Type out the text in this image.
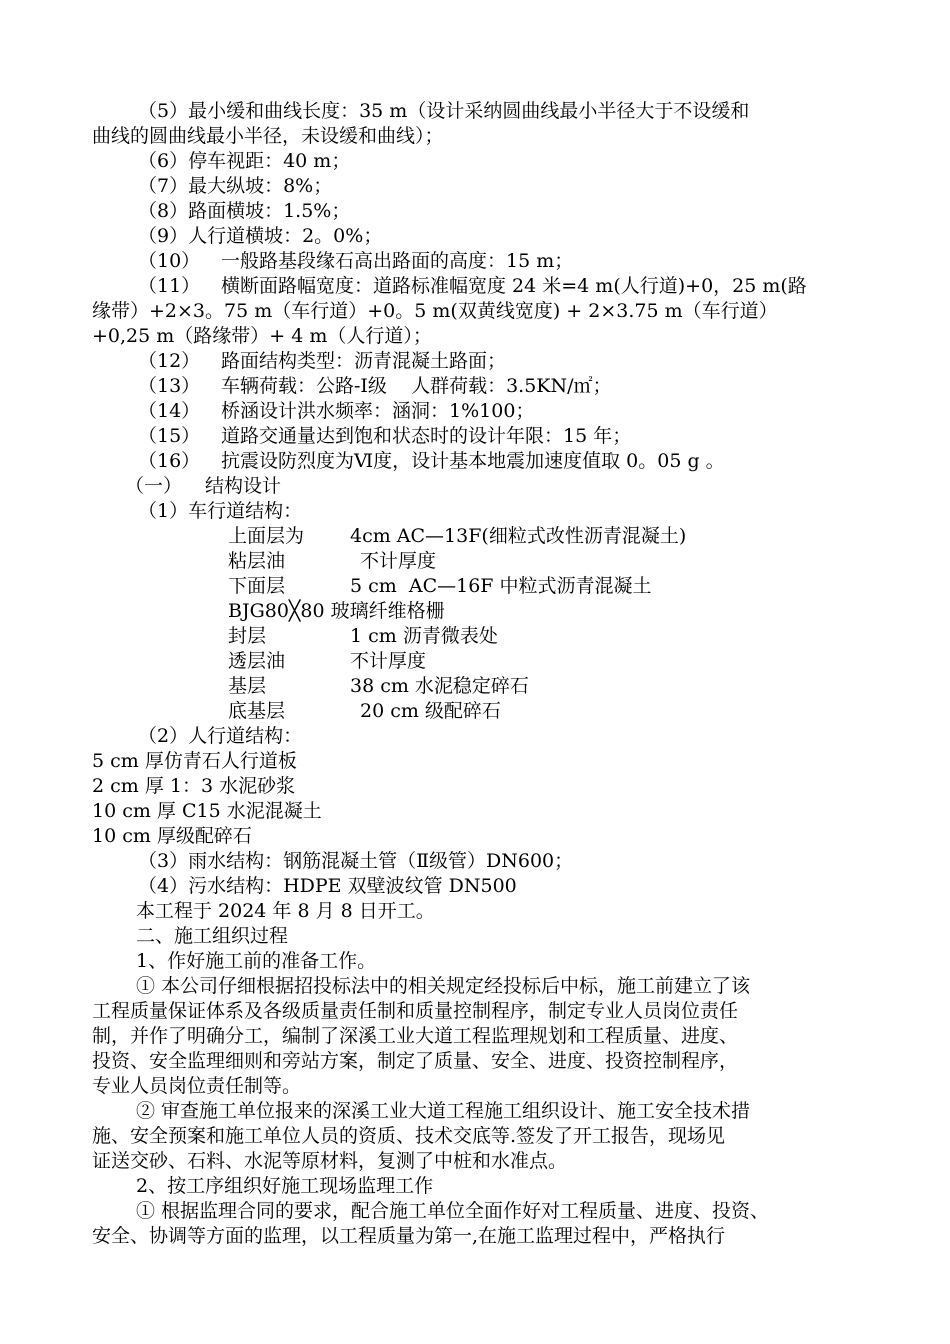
（5）最小缓和曲线长度：35 m（设计采纳圆曲线最小半径大于不设缓和
曲线的圆曲线最小半径，未设缓和曲线）；
（6）停车视距：40 m；
（7）最大纵坡：8%；
（8）路面横坡：1.5%；
（9）人行道横坡：2。0%；
（10） 一般路基段缘石高出路面的高度：15 m；
（11） 横断面路幅宽度：道路标准幅宽度 24 米=4 m(人行道)+0，25 m(路
缘带）+2×3。75 m（车行道）+0。5 m(双黄线宽度) + 2×3.75 m（车行道）
+0,25 m（路缘带）+ 4 m（人行道）；
（12） 路面结构类型：沥青混凝土路面；
（13） 车辆荷载：公路-Ⅰ级    人群荷载：3.5KN/㎡；
（14） 桥涵设计洪水频率：涵洞：1%100；
（15） 道路交通量达到饱和状态时的设计年限：15 年；
（16） 抗震设防烈度为Ⅵ度，设计基本地震加速度值取 0。05 g 。
（一） 结构设计
（1）车行道结构：
上面层为 4cm AC—13F(细粒式改性沥青混凝土)
粘层油	不计厚度
下面层	5 cm  AC—16F 中粒式沥青混凝土
BJG80╳80 玻璃纤维格栅
封层	1 cm 沥青微表处
透层油	不计厚度
基层	38 cm 水泥稳定碎石
底基层	20 cm 级配碎石
（2）人行道结构：
5 cm 厚仿青石人行道板
2 cm 厚 1：3 水泥砂浆
10 cm 厚 C15 水泥混凝土
10 cm 厚级配碎石
（3）雨水结构：钢筋混凝土管（Ⅱ级管）DN600；
（4）污水结构：HDPE 双壁波纹管 DN500
本工程于 2024 年 8 月 8 日开工。
二、施工组织过程
1、作好施工前的准备工作。
① 本公司仔细根据招投标法中的相关规定经投标后中标，施工前建立了该
工程质量保证体系及各级质量责任制和质量控制程序，制定专业人员岗位责任
制，并作了明确分工，编制了深溪工业大道工程监理规划和工程质量、进度、
投资、安全监理细则和旁站方案，制定了质量、安全、进度、投资控制程序，
专业人员岗位责任制等。
② 审查施工单位报来的深溪工业大道工程施工组织设计、施工安全技术措
施、安全预案和施工单位人员的资质、技术交底等.签发了开工报告，现场见
证送交砂、石料、水泥等原材料，复测了中桩和水准点。
2、按工序组织好施工现场监理工作
① 根据监理合同的要求，配合施工单位全面作好对工程质量、进度、投资、
安全、协调等方面的监理，以工程质量为第一,在施工监理过程中，严格执行
